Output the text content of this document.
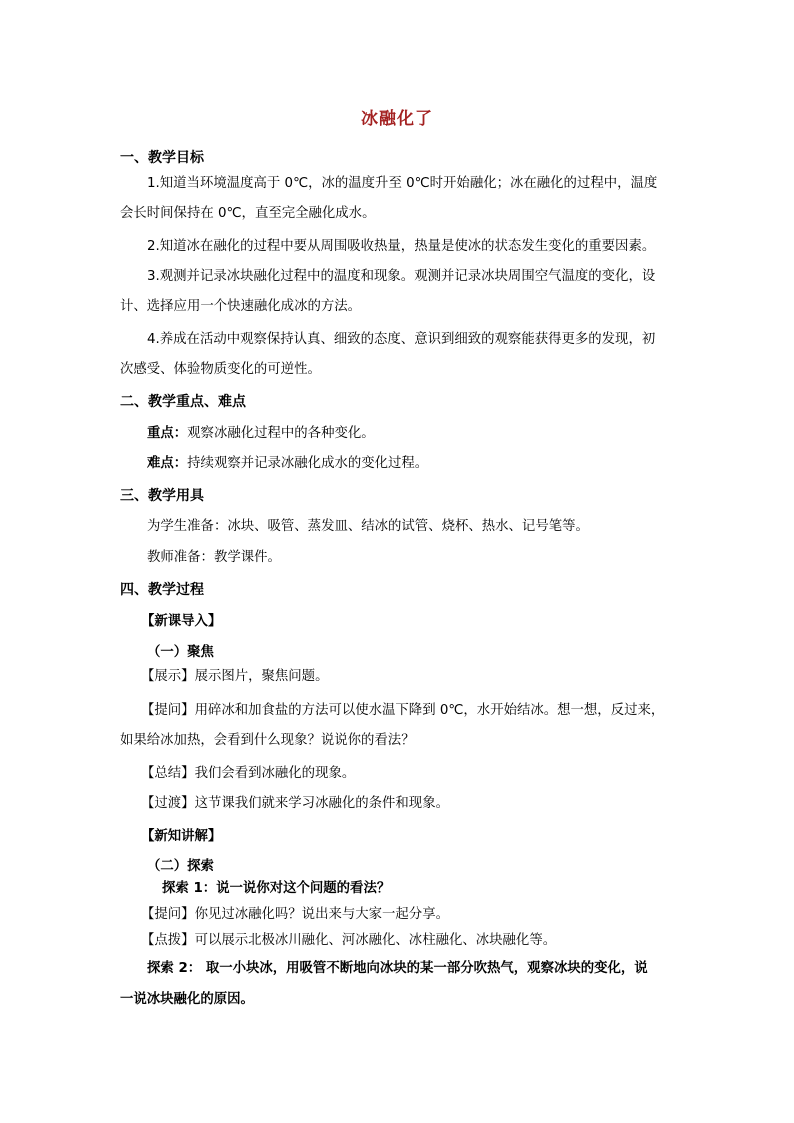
冰融化了
一、教学目标
1.知道当环境温度高于 0℃，冰的温度升至 0℃时开始融化；冰在融化的过程中，温度
会长时间保持在 0℃，直至完全融化成水。
2.知道冰在融化的过程中要从周围吸收热量，热量是使冰的状态发生变化的重要因素。
3.观测并记录冰块融化过程中的温度和现象。观测并记录冰块周围空气温度的变化，设
计、选择应用一个快速融化成冰的方法。
4.养成在活动中观察保持认真、细致的态度、意识到细致的观察能获得更多的发现，初
次感受、体验物质变化的可逆性。
二、教学重点、难点
重点：观察冰融化过程中的各种变化。
难点：持续观察并记录冰融化成水的变化过程。
三、教学用具
为学生准备：冰块、吸管、蒸发皿、结冰的试管、烧杯、热水、记号笔等。
教师准备：教学课件。
四、教学过程
【新课导入】
（一）聚焦
【展示】展示图片，聚焦问题。
【提问】用碎冰和加食盐的方法可以使水温下降到 0℃，水开始结冰。想一想，反过来，
如果给冰加热，会看到什么现象？说说你的看法？
【总结】我们会看到冰融化的现象。
【过渡】这节课我们就来学习冰融化的条件和现象。
【新知讲解】
（二）探索
探索 1：说一说你对这个问题的看法？
【提问】你见过冰融化吗？说出来与大家一起分享。
【点拨】可以展示北极冰川融化、河冰融化、冰柱融化、冰块融化等。
探索 2： 取一小块冰，用吸管不断地向冰块的某一部分吹热气，观察冰块的变化，说
一说冰块融化的原因。
